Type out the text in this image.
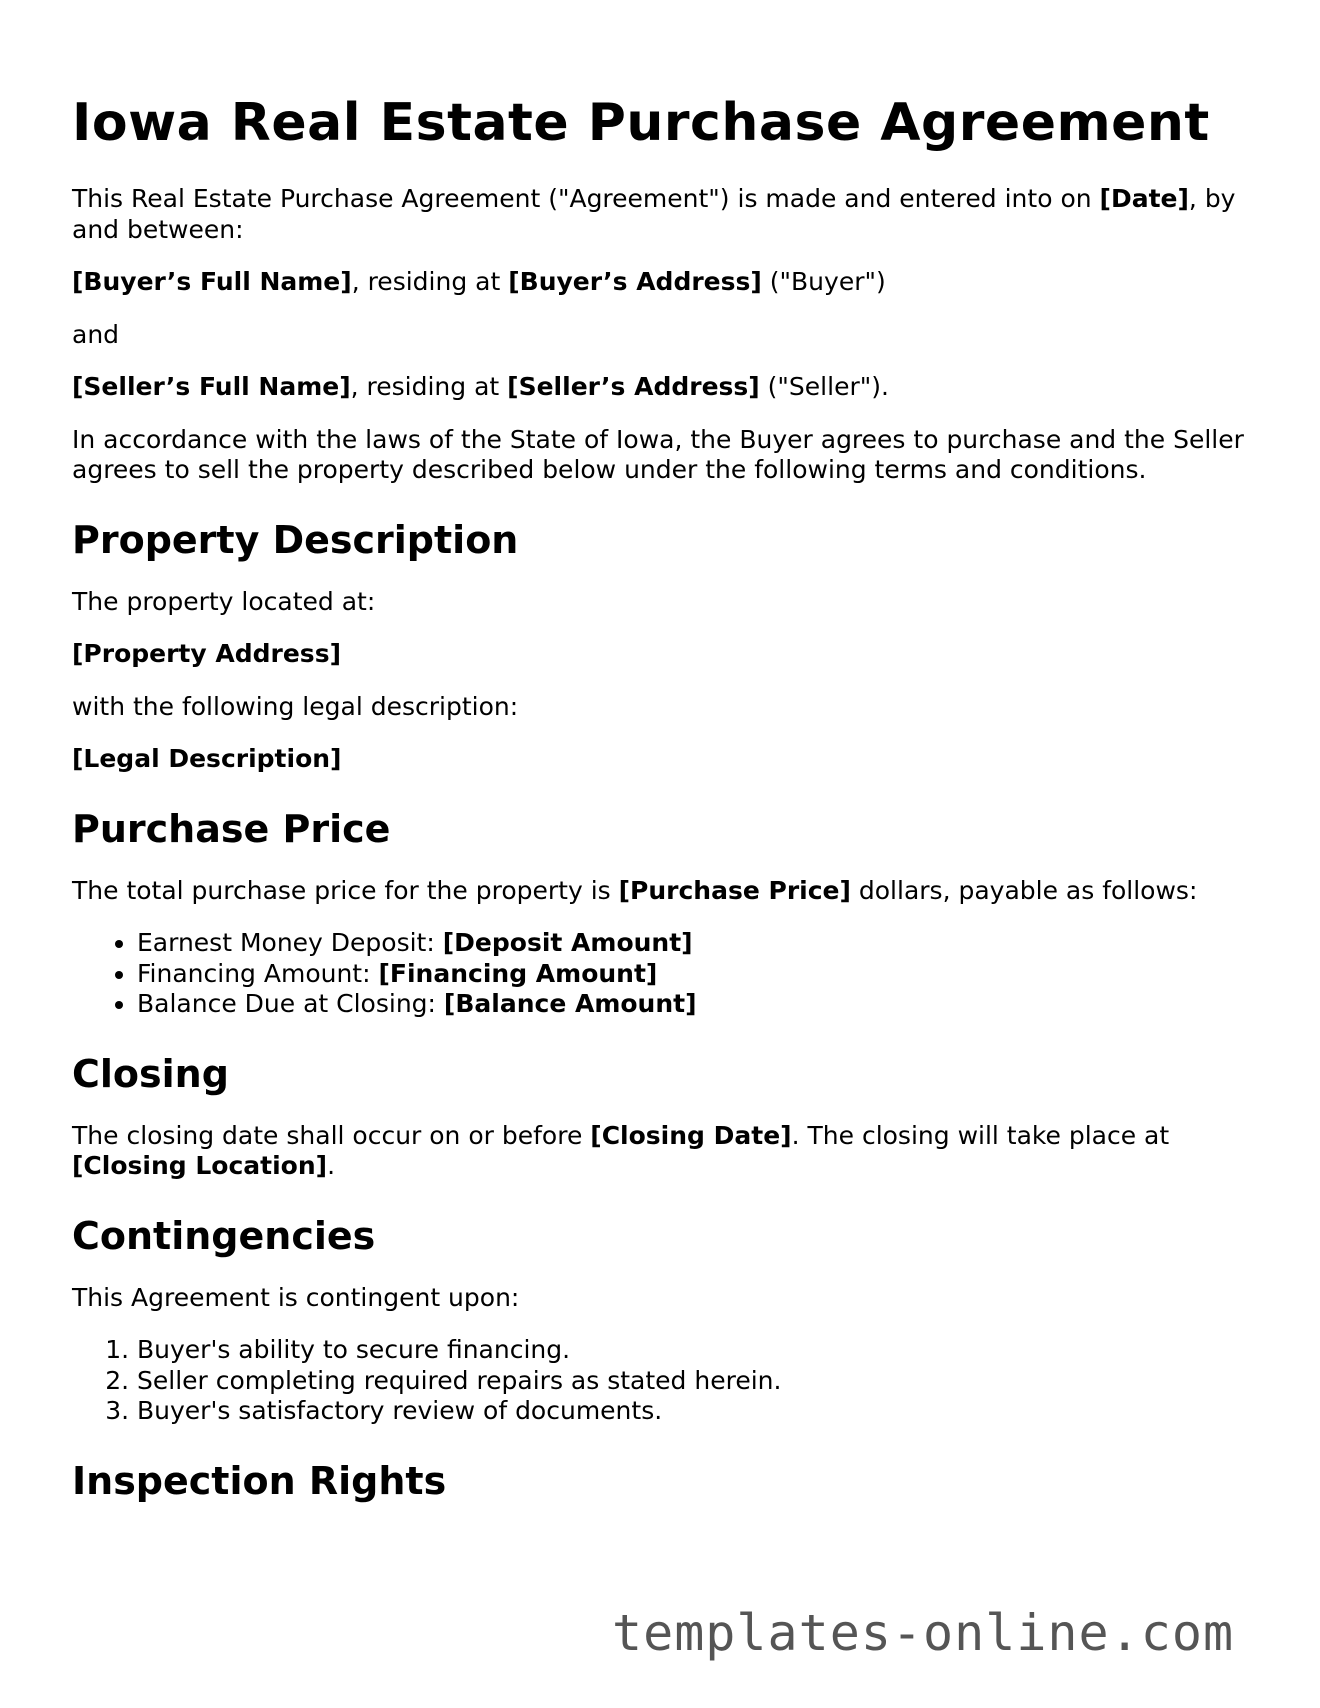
Iowa Real Estate Purchase Agreement

This Real Estate Purchase Agreement ("Agreement") is made and entered into on [Date], by and between:

[Buyer’s Full Name], residing at [Buyer’s Address] ("Buyer")

and

[Seller’s Full Name], residing at [Seller’s Address] ("Seller").

In accordance with the laws of the State of Iowa, the Buyer agrees to purchase and the Seller agrees to sell the property described below under the following terms and conditions.

Property Description

The property located at:

[Property Address]

with the following legal description:

[Legal Description]

Purchase Price

The total purchase price for the property is [Purchase Price] dollars, payable as follows:

• Earnest Money Deposit: [Deposit Amount]
• Financing Amount: [Financing Amount]
• Balance Due at Closing: [Balance Amount]
Closing

The closing date shall occur on or before [Closing Date]. The closing will take place at [Closing Location].

Contingencies

This Agreement is contingent upon:

1. Buyer's ability to secure financing.
2. Seller completing required repairs as stated herein.
3. Buyer's satisfactory review of documents.
Inspection Rights
templates-online.com
